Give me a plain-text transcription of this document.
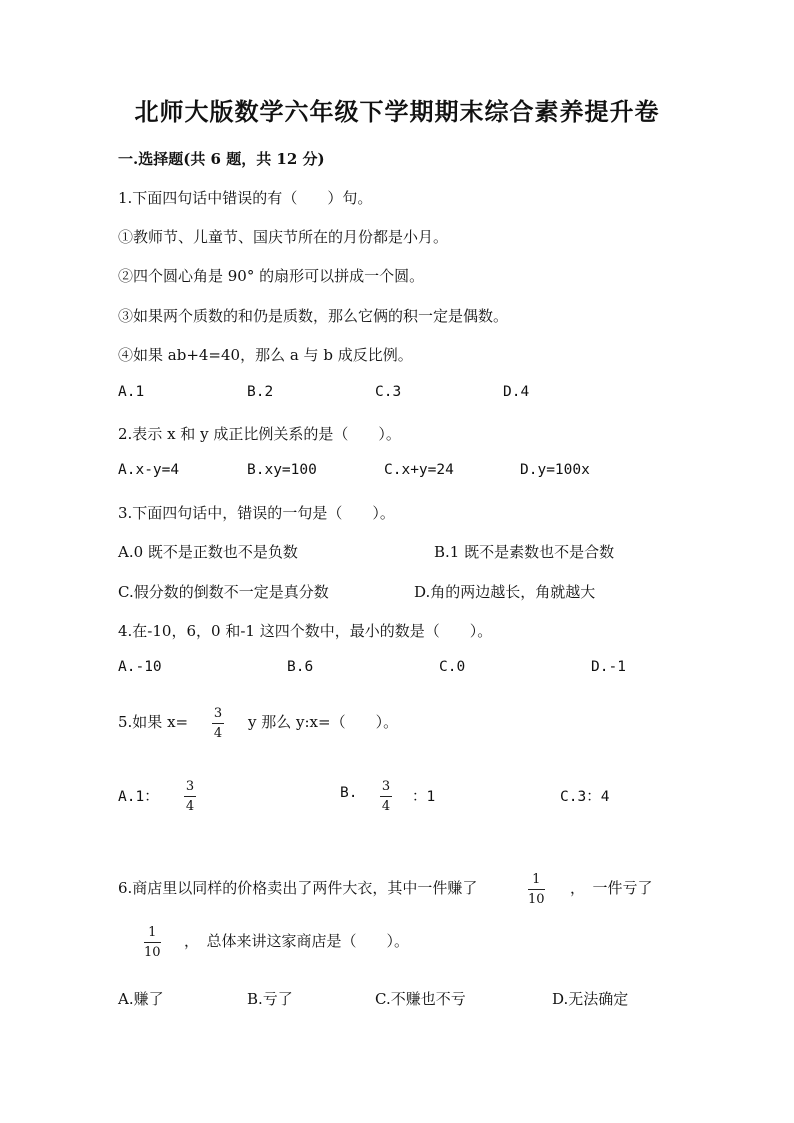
北师大版数学六年级下学期期末综合素养提升卷
一.选择题(共 6 题，共 12 分)
1.下面四句话中错误的有（　　）句。
①教师节、儿童节、国庆节所在的月份都是小月。
②四个圆心角是 90° 的扇形可以拼成一个圆。
③如果两个质数的和仍是质数，那么它俩的积一定是偶数。
④如果 ab+4=40，那么 a 与 b 成反比例。
A.1	B.2	C.3	D.4
2.表示 x 和 y 成正比例关系的是（　　）。
A.x-y=4	B.xy=100	C.x+y=24	D.y=100x
3.下面四句话中，错误的一句是（　　）。
A.0 既不是正数也不是负数	B.1 既不是素数也不是合数
C.假分数的倒数不一定是真分数	D.角的两边越长，角就越大
4.在-10，6，0 和-1 这四个数中，最小的数是（　　）。
A.-10	B.6	C.0	D.-1
5.如果 x= 3
4
y 那么 y:x=（　　）。
A.1：
3
4
B. 3
4
：1	C.3：4
6.商店里以同样的价格卖出了两件大衣，其中一件赚了	1
10
，　一件亏了
1
10
，　总体来讲这家商店是（　　）。
A.赚了	B.亏了	C.不赚也不亏	D.无法确定
